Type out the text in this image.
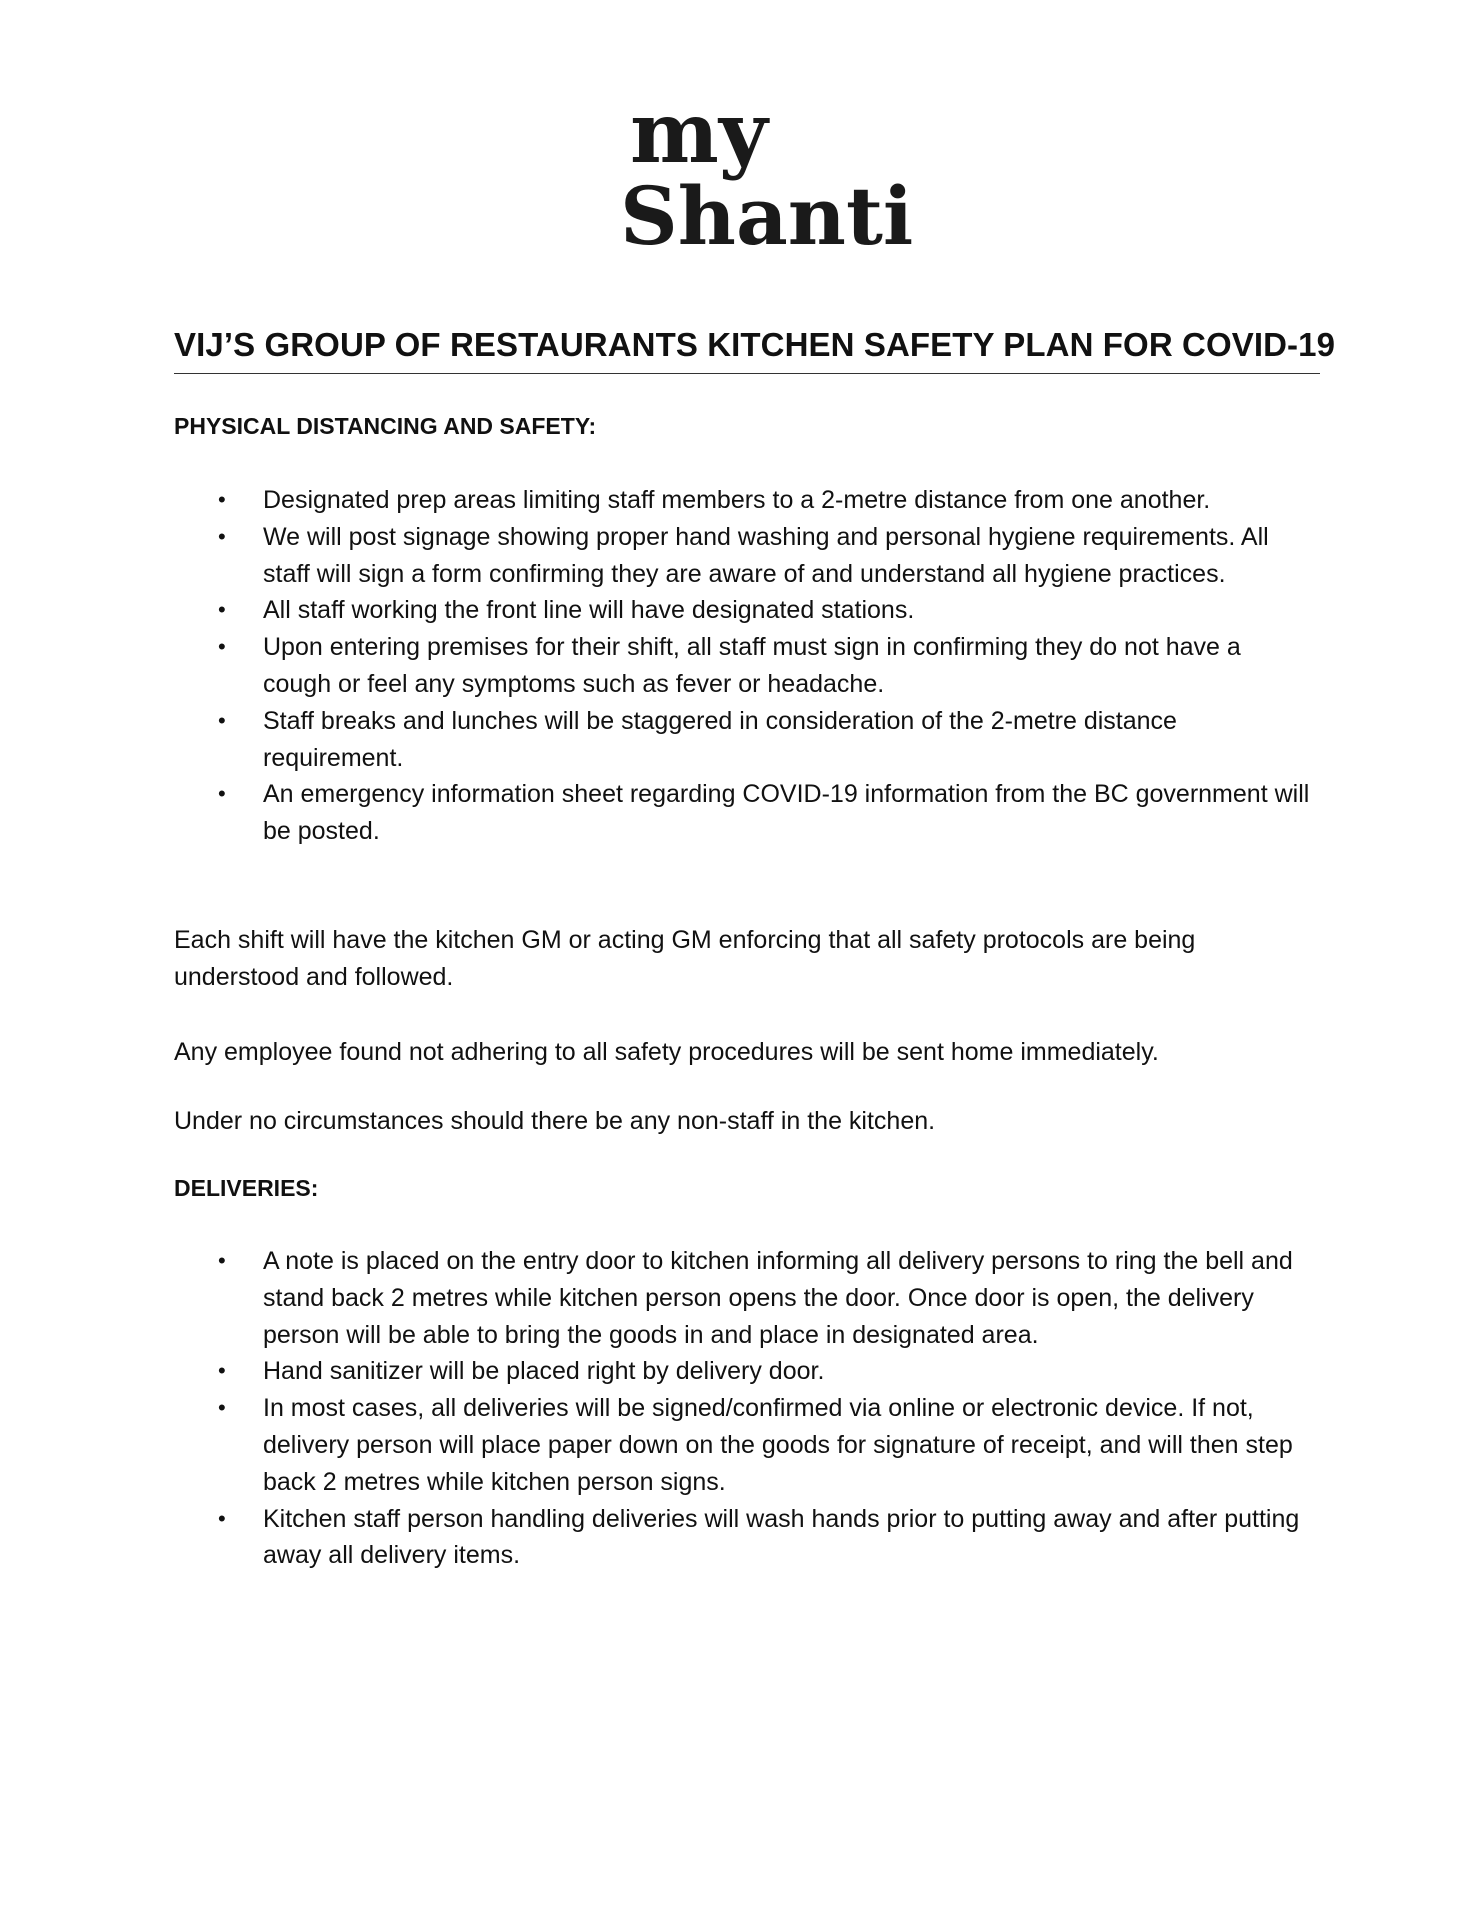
my
Shanti
VIJ’S GROUP OF RESTAURANTS KITCHEN SAFETY PLAN FOR COVID-19
PHYSICAL DISTANCING AND SAFETY:
• Designated prep areas limiting staff members to a 2-metre distance from one another.
• We will post signage showing proper hand washing and personal hygiene requirements. All staff will sign a form confirming they are aware of and understand all hygiene practices.
• All staff working the front line will have designated stations.
• Upon entering premises for their shift, all staff must sign in confirming they do not have a cough or feel any symptoms such as fever or headache.
• Staff breaks and lunches will be staggered in consideration of the 2-metre distance requirement.
• An emergency information sheet regarding COVID-19 information from the BC government will be posted.

Each shift will have the kitchen GM or acting GM enforcing that all safety protocols are being understood and followed.

Any employee found not adhering to all safety procedures will be sent home immediately.

Under no circumstances should there be any non-staff in the kitchen.

DELIVERIES:
• A note is placed on the entry door to kitchen informing all delivery persons to ring the bell and stand back 2 metres while kitchen person opens the door. Once door is open, the delivery person will be able to bring the goods in and place in designated area.
• Hand sanitizer will be placed right by delivery door.
• In most cases, all deliveries will be signed/confirmed via online or electronic device. If not, delivery person will place paper down on the goods for signature of receipt, and will then step back 2 metres while kitchen person signs.
• Kitchen staff person handling deliveries will wash hands prior to putting away and after putting away all delivery items.
